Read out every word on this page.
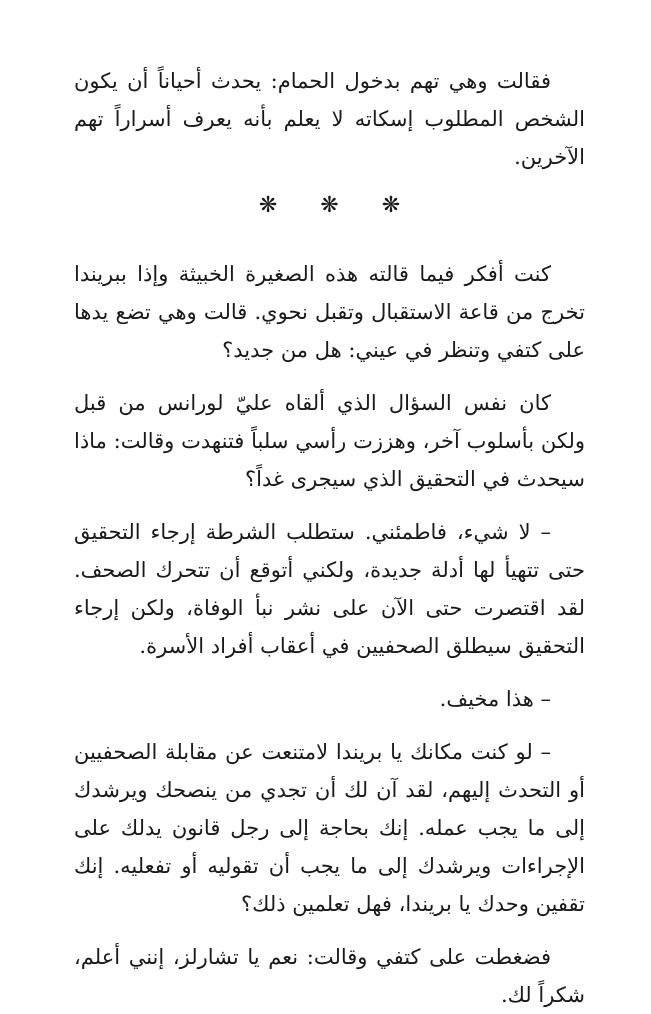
فقالت وهي تهم بدخول الحمام: يحدث أحياناً أن يكون الشخص المطلوب إسكاته لا يعلم بأنه يعرف أسراراً تهم الآخرين.

❋ ❋ ❋

كنت أفكر فيما قالته هذه الصغيرة الخبيثة وإذا ببريندا تخرج من قاعة الاستقبال وتقبل نحوي. قالت وهي تضع يدها على كتفي وتنظر في عيني: هل من جديد؟

كان نفس السؤال الذي ألقاه عليّ لورانس من قبل ولكن بأسلوب آخر، وهززت رأسي سلباً فتنهدت وقالت: ماذا سيحدث في التحقيق الذي سيجرى غداً؟

– لا شيء، فاطمئني. ستطلب الشرطة إرجاء التحقيق حتى تتهيأ لها أدلة جديدة، ولكني أتوقع أن تتحرك الصحف. لقد اقتصرت حتى الآن على نشر نبأ الوفاة، ولكن إرجاء التحقيق سيطلق الصحفيين في أعقاب أفراد الأسرة.

– هذا مخيف.

– لو كنت مكانك يا بريندا لامتنعت عن مقابلة الصحفيين أو التحدث إليهم، لقد آن لك أن تجدي من ينصحك ويرشدك إلى ما يجب عمله. إنك بحاجة إلى رجل قانون يدلك على الإجراءات ويرشدك إلى ما يجب أن تقوليه أو تفعليه. إنك تقفين وحدك يا بريندا، فهل تعلمين ذلك؟

فضغطت على كتفي وقالت: نعم يا تشارلز، إنني أعلم، شكراً لك.
